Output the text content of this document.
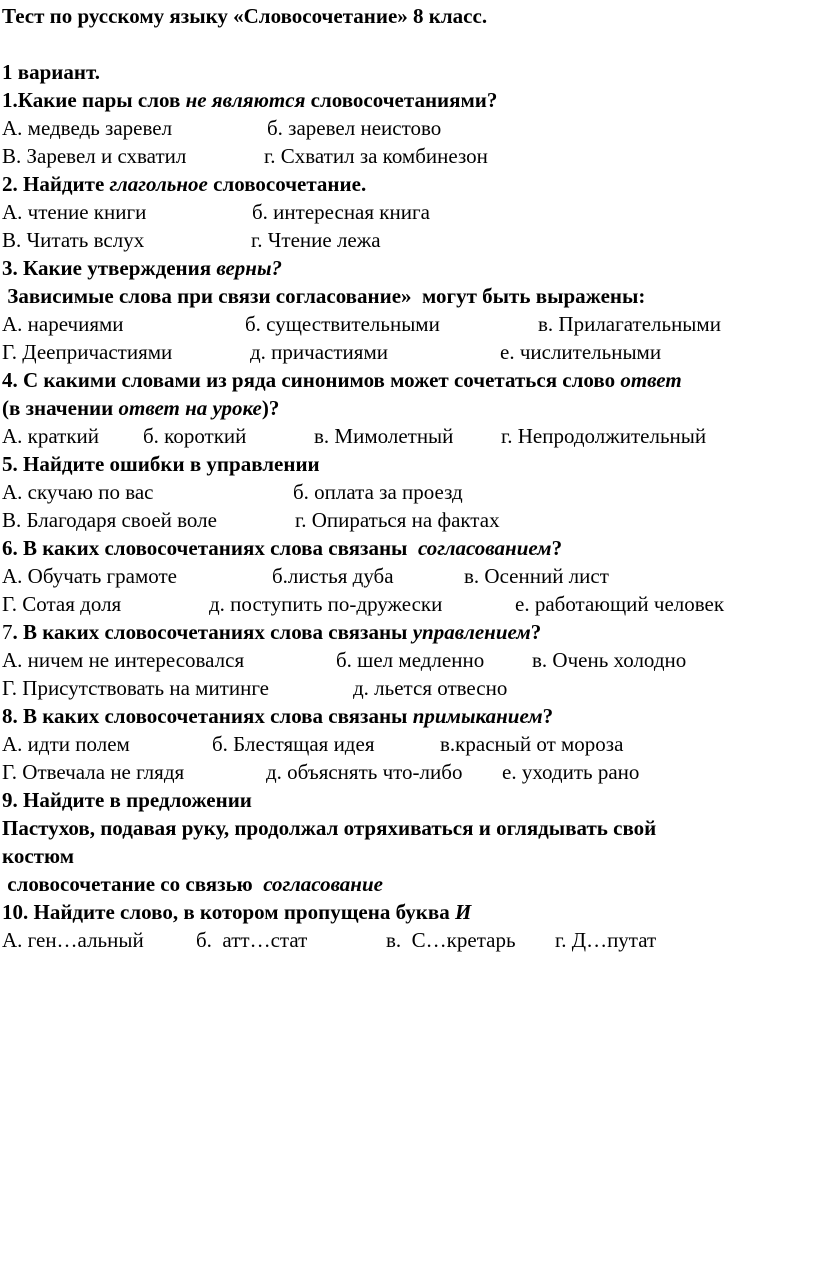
Тест по русскому языку «Словосочетание» 8 класс.
1 вариант.
1.Какие пары слов не являются словосочетаниями?

А. медведь заревел

	б. заревел неистово

В. Заревел и схватил

	г. Схватил за комбинезон

2. Найдите глагольное словосочетание.

А. чтение книги

	б. интересная книга

В. Читать вслух

	г. Чтение лежа

3. Какие утверждения верны?
Зависимые слова при связи согласование»  могут быть выражены:

А. наречиями

	б. существительными

	в. Прилагательными

Г. Деепричастиями

	д. причастиями

	е. числительными

4. С какими словами из ряда синонимов может сочетаться слово ответ
(в значении ответ на уроке)?

А. краткий

б. короткий

	в. Мимолетный

г. Непродолжительный

5. Найдите ошибки в управлении

А. скучаю по вас

	б. оплата за проезд

В. Благодаря своей воле

	г. Опираться на фактах

6. В каких словосочетаниях слова связаны  согласованием?

А. Обучать грамоте

	б.листья дуба

	в. Осенний лист

Г. Сотая доля

	д. поступить по-дружески

	е. работающий человек

7. В каких словосочетаниях слова связаны управлением?

А. ничем не интересовался

	б. шел медленно

в. Очень холодно

Г. Присутствовать на митинге

	д. льется отвесно

8. В каких словосочетаниях слова связаны примыканием?

А. идти полем

	б. Блестящая идея

	в.красный от мороза

Г. Отвечала не глядя

	д. объяснять что-либо

е. уходить рано

9. Найдите в предложении
Пастухов, подавая руку, продолжал отряхиваться и оглядывать свой
костюм
словосочетание со связью  согласование
10. Найдите слово, в котором пропущена буква И

А. ген…альный

б.  атт…стат

	в.  С…кретарь

г. Д…путат
